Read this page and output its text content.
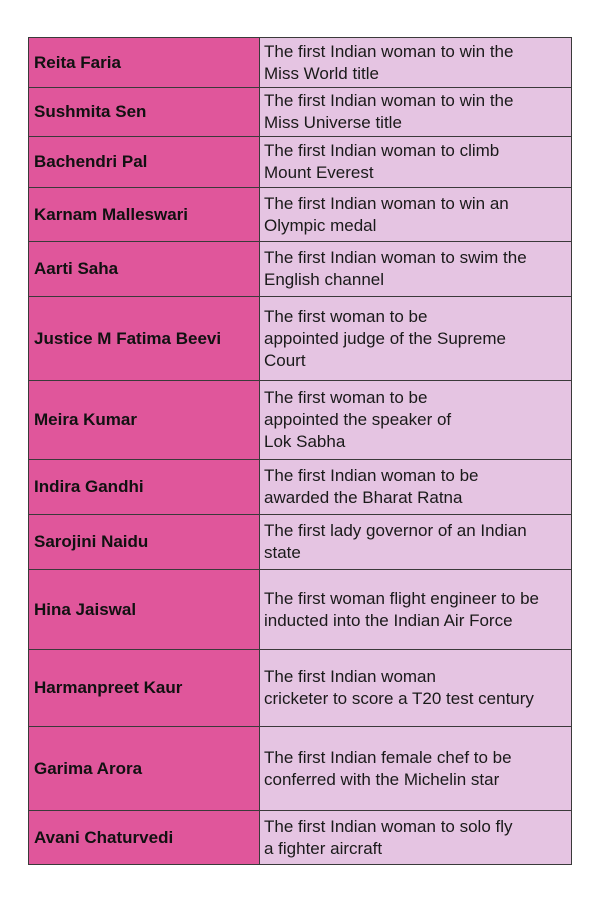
Reita Faria	The first Indian woman to win the
Miss World title
Sushmita Sen	The first Indian woman to win the
Miss Universe title
Bachendri Pal	The first Indian woman to climb
Mount Everest
Karnam Malleswari	The first Indian woman to win an
Olympic medal
Aarti Saha	The first Indian woman to swim the
English channel
Justice M Fatima Beevi	The first woman to be
appointed judge of the Supreme
Court
Meira Kumar	The first woman to be
appointed the speaker of
Lok Sabha
Indira Gandhi	The first Indian woman to be
awarded the Bharat Ratna
Sarojini Naidu	The first lady governor of an Indian
state
Hina Jaiswal	The first woman flight engineer to be
inducted into the Indian Air Force
Harmanpreet Kaur	The first Indian woman
cricketer to score a T20 test century
Garima Arora	The first Indian female chef to be
conferred with the Michelin star
Avani Chaturvedi	The first Indian woman to solo fly
a fighter aircraft
